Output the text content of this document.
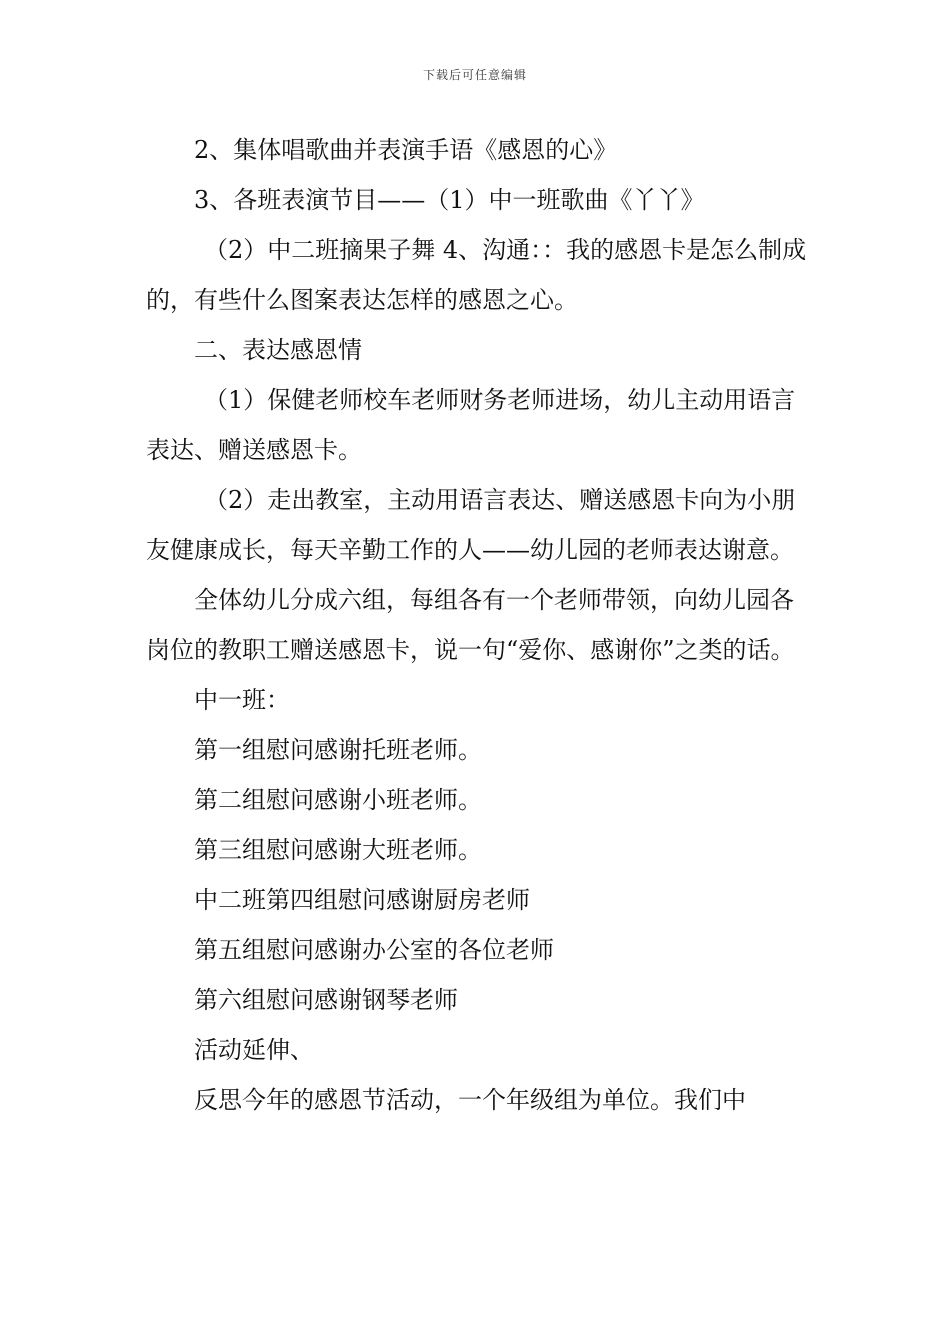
下载后可任意编辑

2、集体唱歌曲并表演手语《感恩的心》

3、各班表演节目——（1）中一班歌曲《丫丫》

（2）中二班摘果子舞 4、沟通：：我的感恩卡是怎么制成的，有些什么图案表达怎样的感恩之心。

二、表达感恩情

（1）保健老师校车老师财务老师进场，幼儿主动用语言表达、赠送感恩卡。

（2）走出教室，主动用语言表达、赠送感恩卡向为小朋友健康成长，每天辛勤工作的人——幼儿园的老师表达谢意。

全体幼儿分成六组，每组各有一个老师带领，向幼儿园各岗位的教职工赠送感恩卡，说一句“爱你、感谢你”之类的话。

中一班：

第一组慰问感谢托班老师。

第二组慰问感谢小班老师。

第三组慰问感谢大班老师。

中二班第四组慰问感谢厨房老师

第五组慰问感谢办公室的各位老师

第六组慰问感谢钢琴老师

活动延伸、

反思今年的感恩节活动，一个年级组为单位。我们中
